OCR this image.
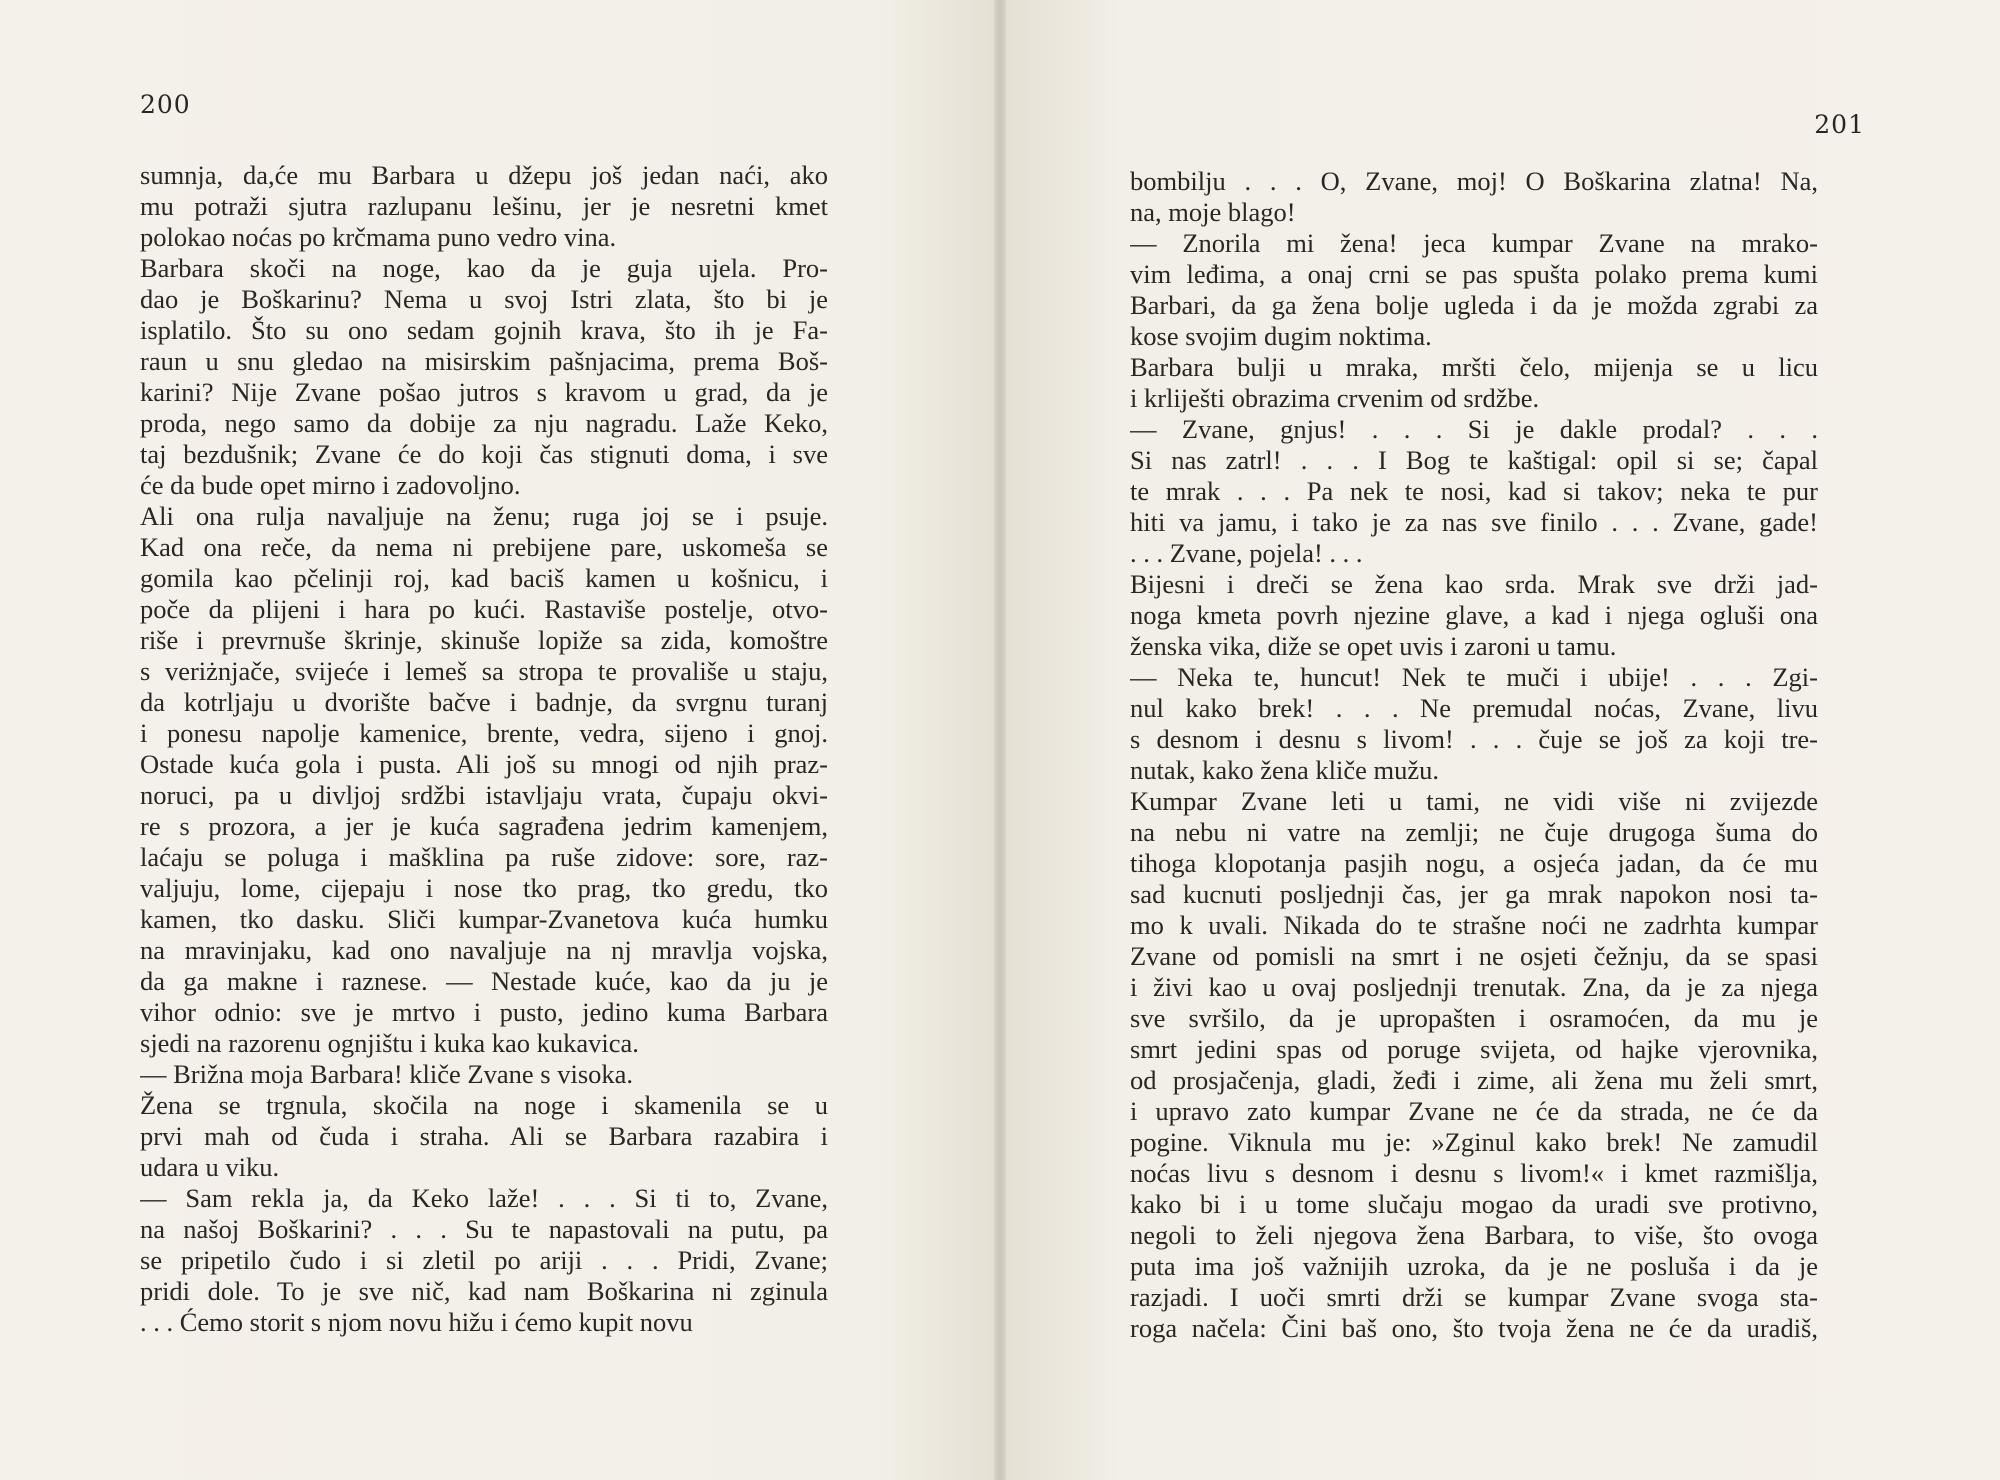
200
sumnja, da,će mu Barbara u džepu još jedan naći, ako
mu potraži sjutra razlupanu lešinu, jer je nesretni kmet
polokao noćas po krčmama puno vedro vina.
Barbara skoči na noge, kao da je guja ujela. Pro-
dao je Boškarinu? Nema u svoj Istri zlata, što bi je
isplatilo. Što su ono sedam gojnih krava, što ih je Fa-
raun u snu gledao na misirskim pašnjacima, prema Boš-
karini? Nije Zvane pošao jutros s kravom u grad, da je
proda, nego samo da dobije za nju nagradu. Laže Keko,
taj bezdušnik; Zvane će do koji čas stignuti doma, i sve
će da bude opet mirno i zadovoljno.
Ali ona rulja navaljuje na ženu; ruga joj se i psuje.
Kad ona reče, da nema ni prebijene pare, uskomeša se
gomila kao pčelinji roj, kad baciš kamen u košnicu, i
poče da plijeni i hara po kući. Rastaviše postelje, otvo-
riše i prevrnuše škrinje, skinuše lopiže sa zida, komoštre
s veriżnjače, svijeće i lemeš sa stropa te provališe u staju,
da kotrljaju u dvorište bačve i badnje, da svrgnu turanj
i ponesu napolje kamenice, brente, vedra, sijeno i gnoj.
Ostade kuća gola i pusta. Ali još su mnogi od njih praz-
noruci, pa u divljoj srdžbi istavljaju vrata, čupaju okvi-
re s prozora, a jer je kuća sagrađena jedrim kamenjem,
laćaju se poluga i mašklina pa ruše zidove: sore, raz-
valjuju, lome, cijepaju i nose tko prag, tko gredu, tko
kamen, tko dasku. Sliči kumpar-Zvanetova kuća humku
na mravinjaku, kad ono navaljuje na nj mravlja vojska,
da ga makne i raznese. — Nestade kuće, kao da ju je
vihor odnio: sve je mrtvo i pusto, jedino kuma Barbara
sjedi na razorenu ognjištu i kuka kao kukavica.
— Brižna moja Barbara! kliče Zvane s visoka.
Žena se trgnula, skočila na noge i skamenila se u
prvi mah od čuda i straha. Ali se Barbara razabira i
udara u viku.
— Sam rekla ja, da Keko laže! . . . Si ti to, Zvane,
na našoj Boškarini? . . . Su te napastovali na putu, pa
se pripetilo čudo i si zletil po ariji . . . Pridi, Zvane;
pridi dole. To je sve nič, kad nam Boškarina ni zginula
. . . Ćemo storit s njom novu hižu i ćemo kupit novu
201
bombilju . . . O, Zvane, moj! O Boškarina zlatna! Na,
na, moje blago!
— Znorila mi žena! jeca kumpar Zvane na mrako-
vim leđima, a onaj crni se pas spušta polako prema kumi
Barbari, da ga žena bolje ugleda i da je možda zgrabi za
kose svojim dugim noktima.
Barbara bulji u mraka, mršti čelo, mijenja se u licu
i krliješti obrazima crvenim od srdžbe.
— Zvane, gnjus! . . . Si je dakle prodal? . . .
Si nas zatrl! . . . I Bog te kaštigal: opil si se; čapal
te mrak . . . Pa nek te nosi, kad si takov; neka te pur
hiti va jamu, i tako je za nas sve finilo . . . Zvane, gade!
. . . Zvane, pojela! . . .
Bijesni i dreči se žena kao srda. Mrak sve drži jad-
noga kmeta povrh njezine glave, a kad i njega ogluši ona
ženska vika, diže se opet uvis i zaroni u tamu.
— Neka te, huncut! Nek te muči i ubije! . . . Zgi-
nul kako brek! . . . Ne premudal noćas, Zvane, livu
s desnom i desnu s livom! . . . čuje se još za koji tre-
nutak, kako žena kliče mužu.
Kumpar Zvane leti u tami, ne vidi više ni zvijezde
na nebu ni vatre na zemlji; ne čuje drugoga šuma do
tihoga klopotanja pasjih nogu, a osjeća jadan, da će mu
sad kucnuti posljednji čas, jer ga mrak napokon nosi ta-
mo k uvali. Nikada do te strašne noći ne zadrhta kumpar
Zvane od pomisli na smrt i ne osjeti čežnju, da se spasi
i živi kao u ovaj posljednji trenutak. Zna, da je za njega
sve svršilo, da je upropašten i osramoćen, da mu je
smrt jedini spas od poruge svijeta, od hajke vjerovnika,
od prosjačenja, gladi, žeđi i zime, ali žena mu želi smrt,
i upravo zato kumpar Zvane ne će da strada, ne će da
pogine. Viknula mu je: »Zginul kako brek! Ne zamudil
noćas livu s desnom i desnu s livom!« i kmet razmišlja,
kako bi i u tome slučaju mogao da uradi sve protivno,
negoli to želi njegova žena Barbara, to više, što ovoga
puta ima još važnijih uzroka, da je ne posluša i da je
razjadi. I uoči smrti drži se kumpar Zvane svoga sta-
roga načela: Čini baš ono, što tvoja žena ne će da uradiš,
